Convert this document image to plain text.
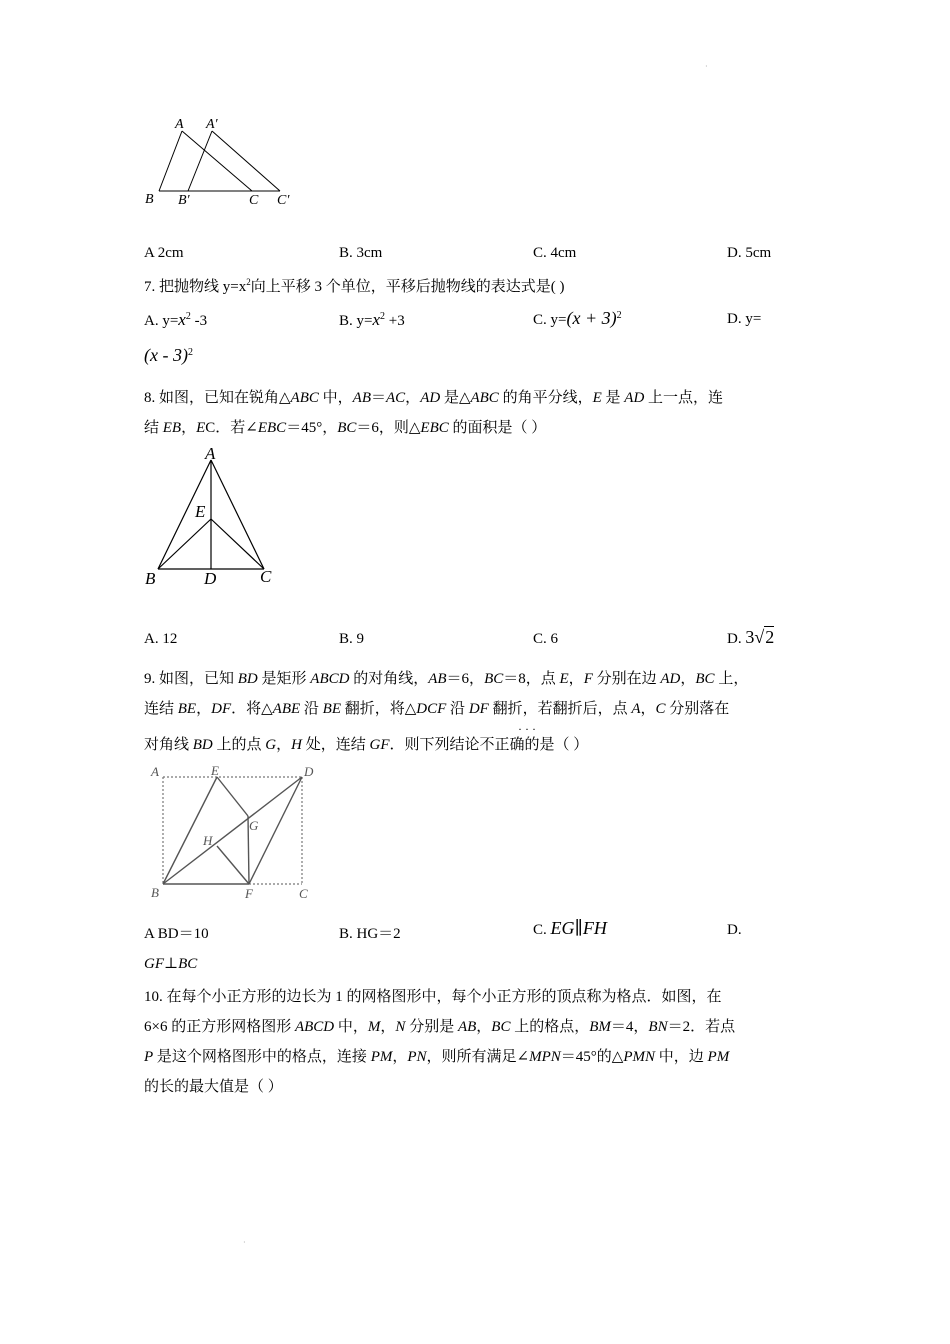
·
·
A A′
B B′	C C′
A 2cm	B. 3cm	C. 4cm	D. 5cm
7. 把抛物线 $y=x^2$向上平移 3 个单位，平移后抛物线的表达式是( )
A. $y=x^2$ -3	B. $y=x^2 +3$	C. $y=(x + 3)^2$	D. y=
(x - 3)$^2$
8. 如图，已知在锐角△ABC 中，AB＝AC，AD 是△ABC 的角平分线，E 是 AD 上一点，连
结 EB，EC．若∠EBC＝45°，BC＝6，则△EBC 的面积是（ ）
A
E
B	D	C
A. 12	B. 9	C. 6	D. 3√2
9. 如图，已知 BD 是矩形 ABCD 的对角线，AB＝6，BC＝8，点 E，F 分别在边 AD，BC 上，
连结 BE，DF．将△ABE 沿 BE 翻折，将△DCF 沿 DF 翻折，若翻折后，点 A，C 分别落在
· · ·
对角线 BD 上的点 G，H 处，连结 GF．则下列结论不正确的是（ ）
A	E	D
G
H
B	F	C
A BD＝10	B. HG＝2	C. EG∥FH	D.
GF⊥BC
10. 在每个小正方形的边长为 1 的网格图形中，每个小正方形的顶点称为格点．如图，在
6×6 的正方形网格图形 ABCD 中，M，N 分别是 AB，BC 上的格点，BM＝4，BN＝2．若点
P 是这个网格图形中的格点，连接 PM，PN，则所有满足∠MPN＝45°的△PMN 中，边 PM
的长的最大值是（ ）
